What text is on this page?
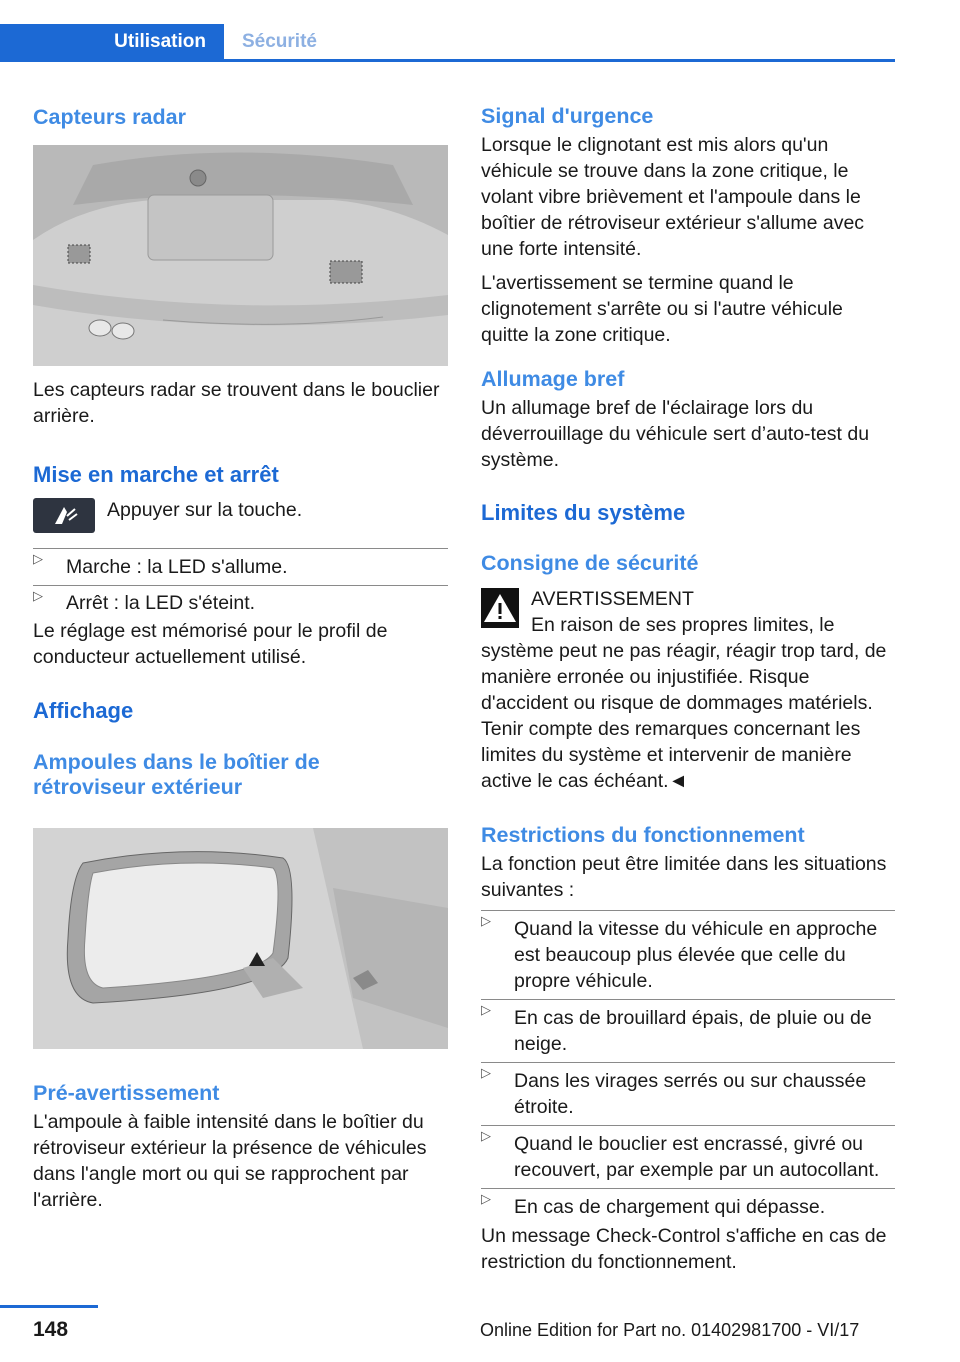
Utilisation	Sécurité
Capteurs radar

Les capteurs radar se trouvent dans le bouclier arrière.

Mise en marche et arrêt

Appuyer sur la touche.

▷ Marche : la LED s'allume.
▷ Arrêt : la LED s'éteint.

Le réglage est mémorisé pour le profil de conducteur actuellement utilisé.

Affichage
Ampoules dans le boîtier de rétroviseur extérieur
Pré-avertissement

L'ampoule à faible intensité dans le boîtier du rétroviseur extérieur la présence de véhicules dans l'angle mort ou qui se rapprochent par l'arrière.

Signal d'urgence

Lorsque le clignotant est mis alors qu'un véhicule se trouve dans la zone critique, le volant vibre brièvement et l'ampoule dans le boîtier de rétroviseur extérieur s'allume avec une forte intensité.

L'avertissement se termine quand le clignotement s'arrête ou si l'autre véhicule quitte la zone critique.

Allumage bref

Un allumage bref de l'éclairage lors du déverrouillage du véhicule sert d’auto-test du système.

Limites du système
Consigne de sécurité

AVERTISSEMENT

En raison de ses propres limites, le système peut ne pas réagir, réagir trop tard, de manière erronée ou injustifiée. Risque d'accident ou risque de dommages matériels. Tenir compte des remarques concernant les limites du système et intervenir de manière active le cas échéant.◄

Restrictions du fonctionnement

La fonction peut être limitée dans les situations suivantes :

▷ Quand la vitesse du véhicule en approche est beaucoup plus élevée que celle du propre véhicule.
▷ En cas de brouillard épais, de pluie ou de neige.
▷ Dans les virages serrés ou sur chaussée étroite.
▷ Quand le bouclier est encrassé, givré ou recouvert, par exemple par un autocollant.
▷ En cas de chargement qui dépasse.

Un message Check-Control s'affiche en cas de restriction du fonctionnement.

148	Online Edition for Part no. 01402981700 - VI/17
